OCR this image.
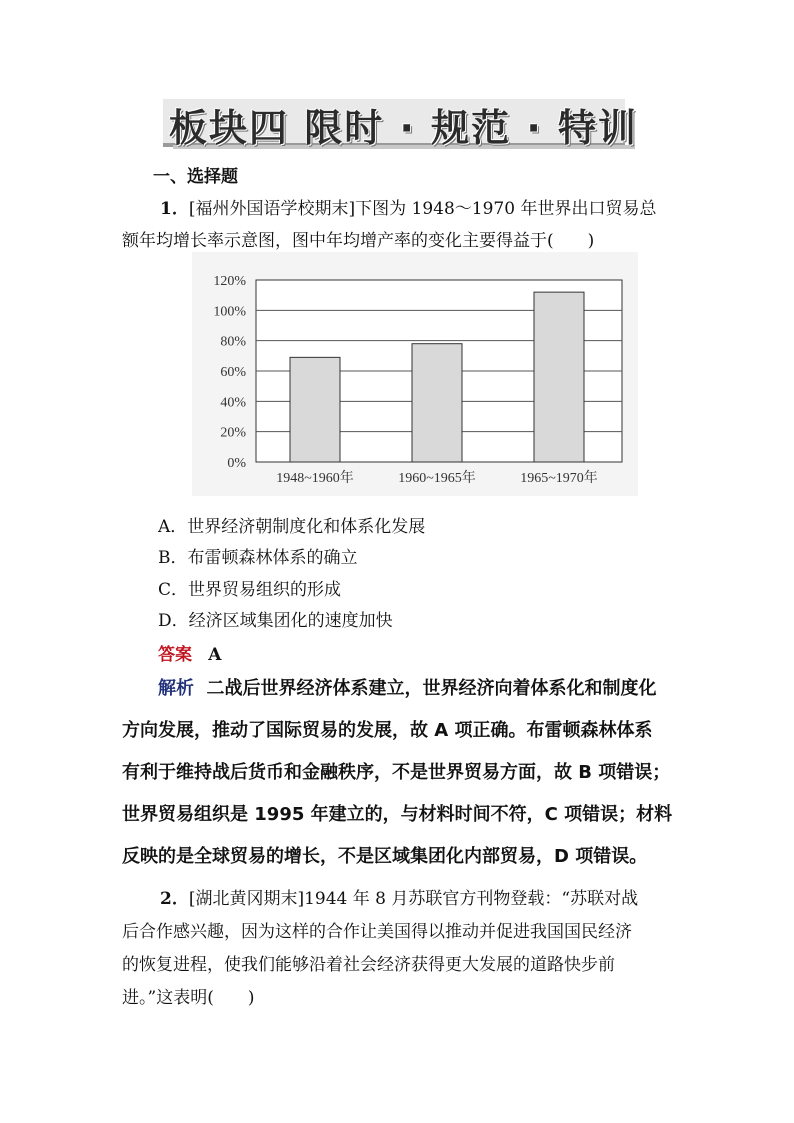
板块四 限时 · 规范 · 特训
一、选择题
1．[福州外国语学校期末]下图为 1948～1970 年世界出口贸易总
额年均增长率示意图，图中年均增产率的变化主要得益于(　　)
0%
20%
40%
60%
80%
100%
120%
1948~1960年	1960~1965年	1965~1970年
A．世界经济朝制度化和体系化发展
B．布雷顿森林体系的确立
C．世界贸易组织的形成
D．经济区域集团化的速度加快
答案 A
解析 二战后世界经济体系建立，世界经济向着体系化和制度化
方向发展，推动了国际贸易的发展，故 A 项正确。布雷顿森林体系
有利于维持战后货币和金融秩序，不是世界贸易方面，故 B 项错误；
世界贸易组织是 1995 年建立的，与材料时间不符，C 项错误；材料
反映的是全球贸易的增长，不是区域集团化内部贸易，D 项错误。
2．[湖北黄冈期末]1944 年 8 月苏联官方刊物登载：“苏联对战
后合作感兴趣，因为这样的合作让美国得以推动并促进我国国民经济
的恢复进程，使我们能够沿着社会经济获得更大发展的道路快步前
进。”这表明(　　)
